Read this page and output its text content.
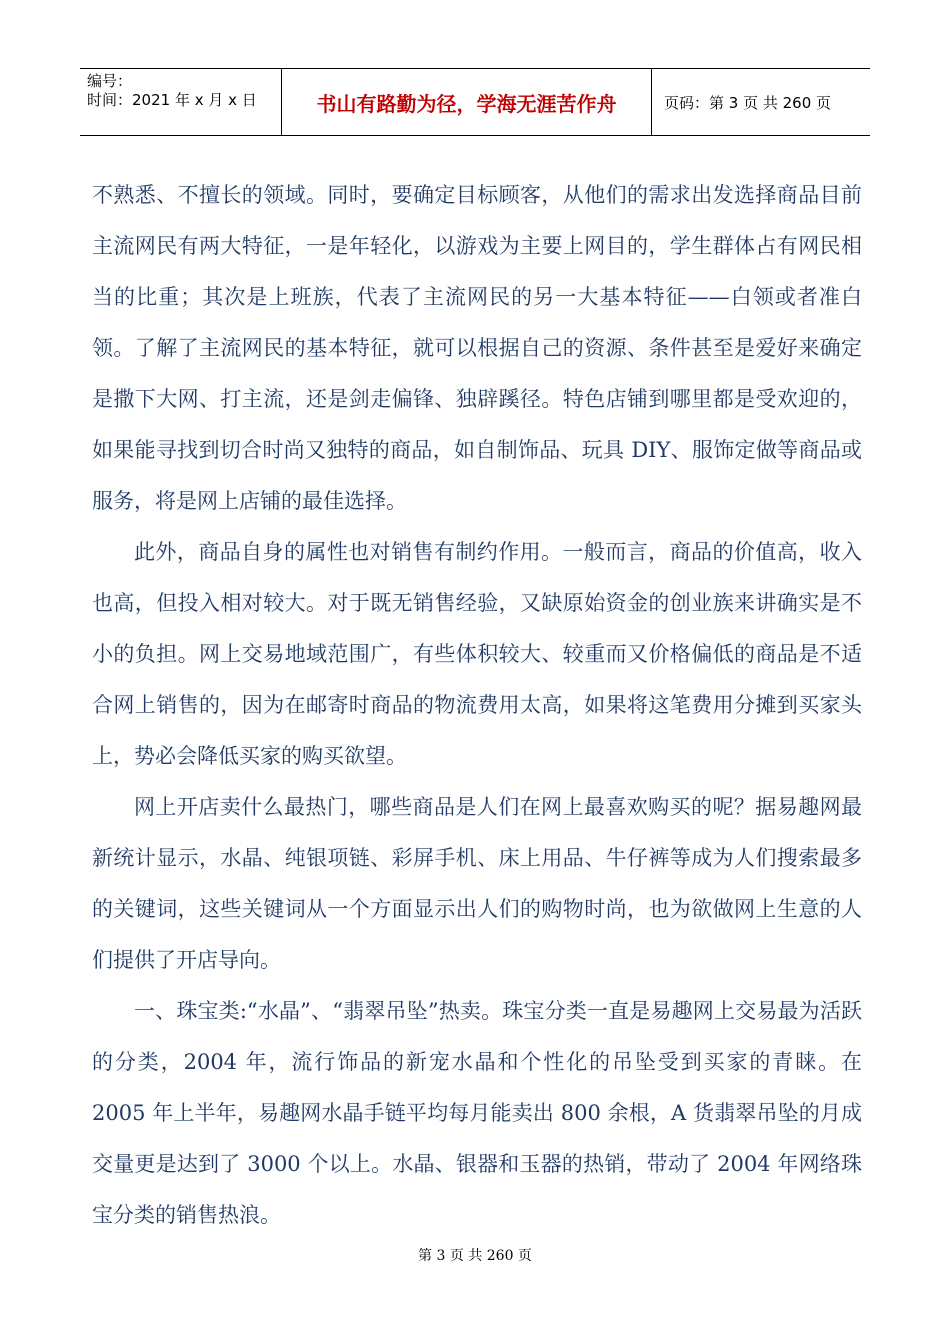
编号：
时间：2021 年 x 月 x 日	书山有路勤为径，学海无涯苦作舟	页码：第 3 页 共 260 页

不熟悉、不擅长的领域。同时，要确定目标顾客，从他们的需求出发选择商品目前主流网民有两大特征，一是年轻化，以游戏为主要上网目的，学生群体占有网民相当的比重；其次是上班族，代表了主流网民的另一大基本特征——白领或者准白领。了解了主流网民的基本特征，就可以根据自己的资源、条件甚至是爱好来确定是撒下大网、打主流，还是剑走偏锋、独辟蹊径。特色店铺到哪里都是受欢迎的，如果能寻找到切合时尚又独特的商品，如自制饰品、玩具 DIY、服饰定做等商品或服务，将是网上店铺的最佳选择。

此外，商品自身的属性也对销售有制约作用。一般而言，商品的价值高，收入也高，但投入相对较大。对于既无销售经验，又缺原始资金的创业族来讲确实是不小的负担。网上交易地域范围广，有些体积较大、较重而又价格偏低的商品是不适合网上销售的，因为在邮寄时商品的物流费用太高，如果将这笔费用分摊到买家头上，势必会降低买家的购买欲望。

网上开店卖什么最热门，哪些商品是人们在网上最喜欢购买的呢？据易趣网最新统计显示，水晶、纯银项链、彩屏手机、床上用品、牛仔裤等成为人们搜索最多的关键词，这些关键词从一个方面显示出人们的购物时尚，也为欲做网上生意的人们提供了开店导向。

一、珠宝类:“水晶”、“翡翠吊坠”热卖。珠宝分类一直是易趣网上交易最为活跃的分类，2004 年，流行饰品的新宠水晶和个性化的吊坠受到买家的青睐。在 2005 年上半年，易趣网水晶手链平均每月能卖出 800 余根，A 货翡翠吊坠的月成交量更是达到了 3000 个以上。水晶、银器和玉器的热销，带动了 2004 年网络珠宝分类的销售热浪。

第 3 页 共 260 页
